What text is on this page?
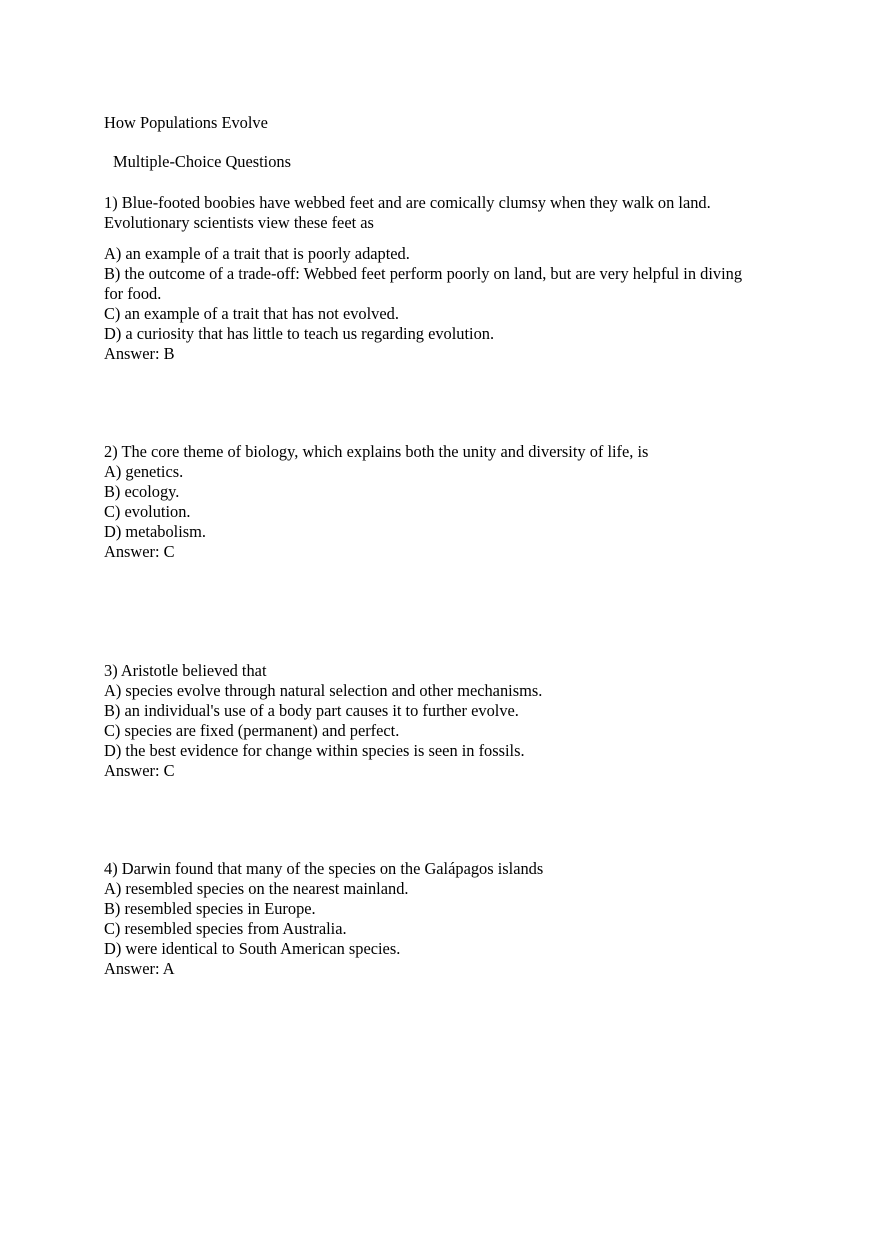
How Populations Evolve
Multiple-Choice Questions
1) Blue-footed boobies have webbed feet and are comically clumsy when they walk on land.
Evolutionary scientists view these feet as
A) an example of a trait that is poorly adapted.
B) the outcome of a trade-off: Webbed feet perform poorly on land, but are very helpful in diving
for food.
C) an example of a trait that has not evolved.
D) a curiosity that has little to teach us regarding evolution.
Answer: B
2) The core theme of biology, which explains both the unity and diversity of life, is
A) genetics.
B) ecology.
C) evolution.
D) metabolism.
Answer: C
3) Aristotle believed that
A) species evolve through natural selection and other mechanisms.
B) an individual's use of a body part causes it to further evolve.
C) species are fixed (permanent) and perfect.
D) the best evidence for change within species is seen in fossils.
Answer: C
4) Darwin found that many of the species on the Galápagos islands
A) resembled species on the nearest mainland.
B) resembled species in Europe.
C) resembled species from Australia.
D) were identical to South American species.
Answer: A
